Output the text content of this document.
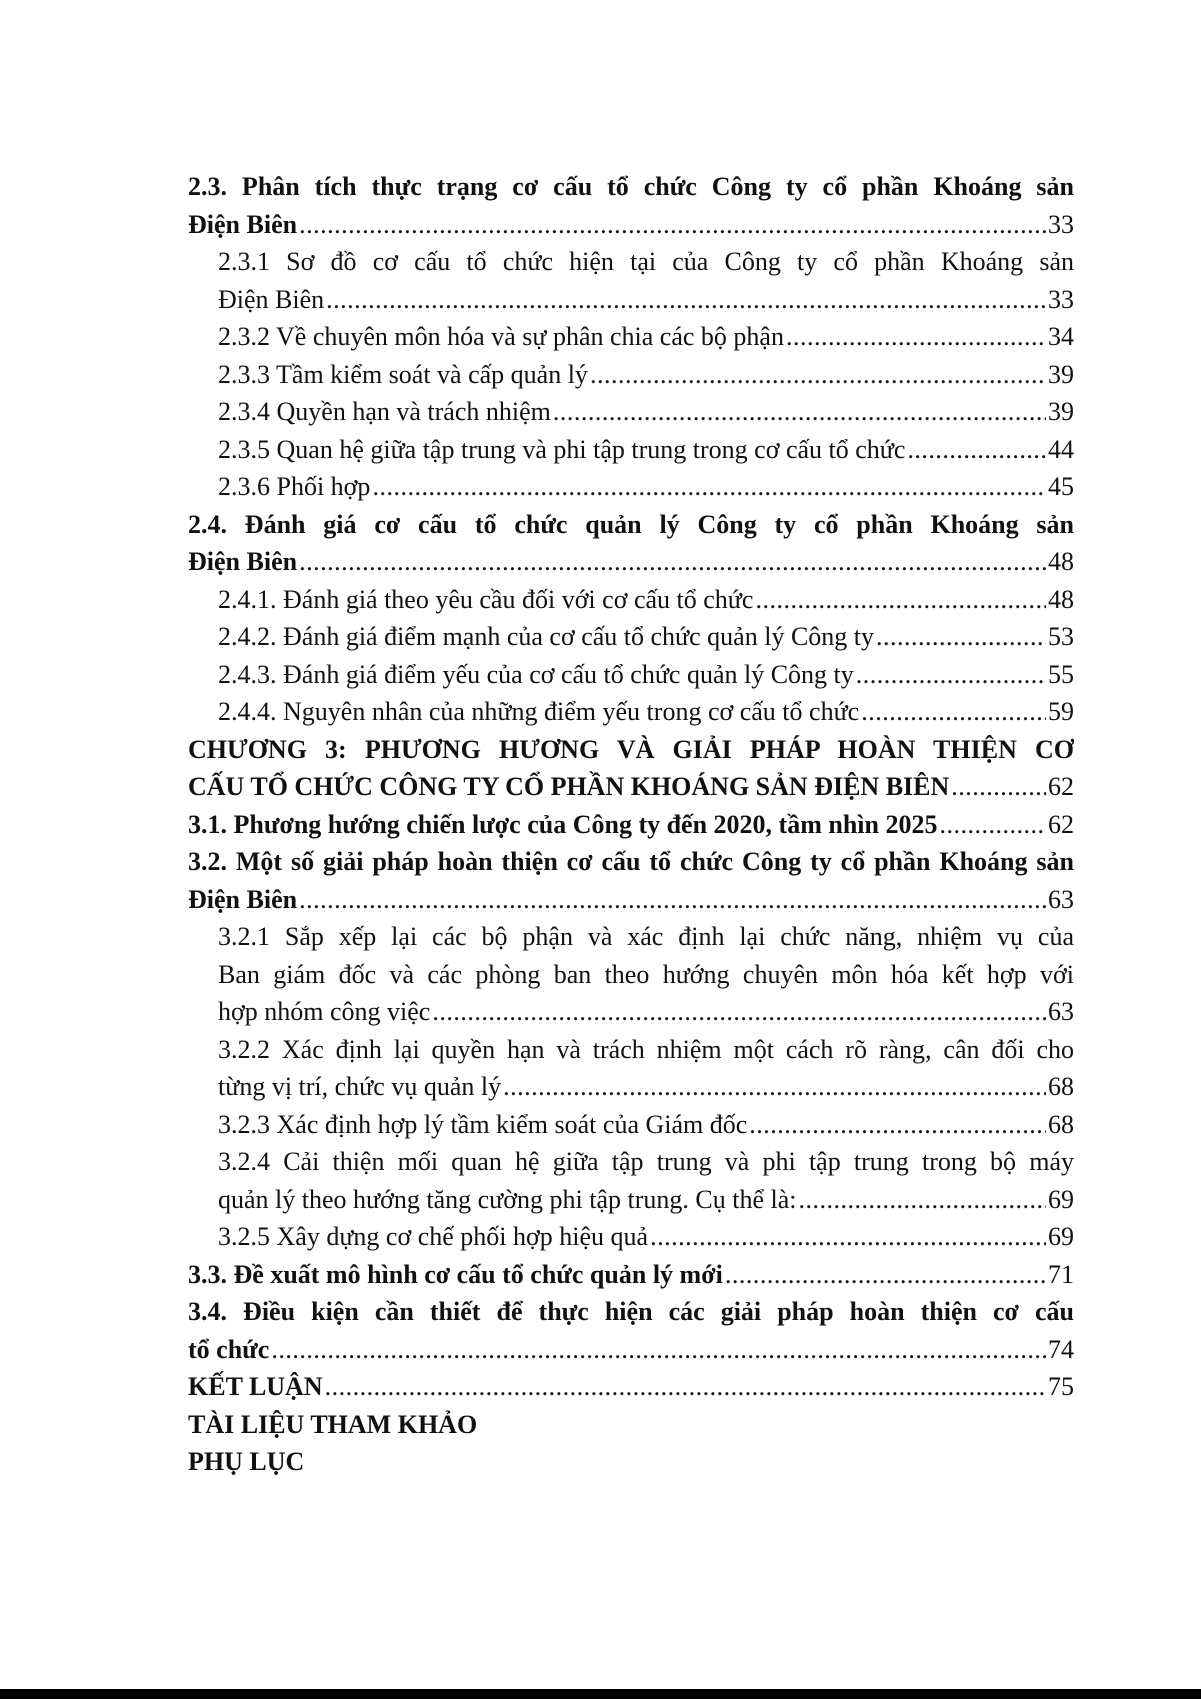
2.3. Phân tích thực trạng cơ cấu tổ chức Công ty cổ phần Khoáng sản
Điện Biên .....	33
2.3.1 Sơ đồ cơ cấu tổ chức hiện tại của Công ty cổ phần Khoáng sản
Điện Biên .....	33
2.3.2 Về chuyên môn hóa và sự phân chia các bộ phận .....	34
2.3.3 Tầm kiểm soát và cấp quản lý .....	39
2.3.4 Quyền hạn và trách nhiệm .....	39
2.3.5 Quan hệ giữa tập trung và phi tập trung trong cơ cấu tổ chức .....	44
2.3.6 Phối hợp .....	45
2.4. Đánh giá cơ cấu tổ chức quản lý Công ty cổ phần Khoáng sản
Điện Biên .....	48
2.4.1. Đánh giá theo yêu cầu đối với cơ cấu tổ chức .....	48
2.4.2. Đánh giá điểm mạnh của cơ cấu tổ chức quản lý Công ty .....	53
2.4.3. Đánh giá điểm yếu của cơ cấu tổ chức quản lý Công ty .....	55
2.4.4. Nguyên nhân của những điểm yếu trong cơ cấu tổ chức .....	59
CHƯƠNG 3: PHƯƠNG HƯƠNG VÀ GIẢI PHÁP HOÀN THIỆN CƠ
CẤU TỔ CHỨC CÔNG TY CỔ PHẦN KHOÁNG SẢN ĐIỆN BIÊN .....	62
3.1. Phương hướng chiến lược của Công ty đến 2020, tầm nhìn 2025 .....	62
3.2. Một số giải pháp hoàn thiện cơ cấu tổ chức Công ty cổ phần Khoáng sản
Điện Biên .....	63
3.2.1 Sắp xếp lại các bộ phận và xác định lại chức năng, nhiệm vụ của
Ban giám đốc và các phòng ban theo hướng chuyên môn hóa kết hợp với
hợp nhóm công việc .....	63
3.2.2 Xác định lại quyền hạn và trách nhiệm một cách rõ ràng, cân đối cho
từng vị trí, chức vụ quản lý .....	68
3.2.3 Xác định hợp lý tầm kiểm soát của Giám đốc .....	68
3.2.4 Cải thiện mối quan hệ giữa tập trung và phi tập trung trong bộ máy
quản lý theo hướng tăng cường phi tập trung. Cụ thể là: .....	69
3.2.5 Xây dựng cơ chế phối hợp hiệu quả .....	69
3.3. Đề xuất mô hình cơ cấu tổ chức quản lý mới .....	71
3.4. Điều kiện cần thiết để thực hiện các giải pháp hoàn thiện cơ cấu
tổ chức .....	74
KẾT LUẬN .....	75
TÀI LIỆU THAM KHẢO
PHỤ LỤC
